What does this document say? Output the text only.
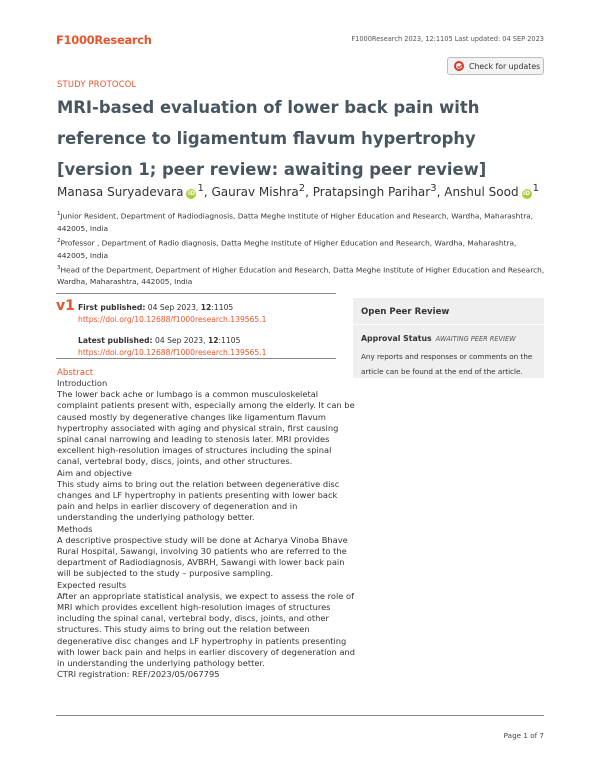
F1000Research	F1000Research 2023, 12:1105 Last updated: 04 SEP 2023
STUDY PROTOCOL
Check for updates
MRI-based evaluation of lower back pain with reference to ligamentum flavum hypertrophy [version 1; peer review: awaiting peer review]
Manasa Suryadevara iD $^1$, Gaurav Mishra$^2$, Pratapsingh Parihar$^3$, Anshul Sood iD $^1$
$^1$Junior Resident, Department of Radiodiagnosis, Datta Meghe Institute of Higher Education and Research, Wardha, Maharashtra, 442005, India
$^2$Professor , Department of Radio diagnosis, Datta Meghe Institute of Higher Education and Research, Wardha, Maharashtra, 442005, India
$^3$Head of the Department, Department of Higher Education and Research, Datta Meghe Institute of Higher Education and Research, Wardha, Maharashtra, 442005, India
v1 First published: 04 Sep 2023, 12:1105
https://doi.org/10.12688/f1000research.139565.1
Latest published: 04 Sep 2023, 12:1105
https://doi.org/10.12688/f1000research.139565.1
Open Peer Review
Approval Status AWAITING PEER REVIEW
Any reports and responses or comments on the article can be found at the end of the article.
Abstract

Introduction

The lower back ache or lumbago is a common musculoskeletal complaint patients present with, especially among the elderly. It can be caused mostly by degenerative changes like ligamentum flavum hypertrophy associated with aging and physical strain, first causing spinal canal narrowing and leading to stenosis later. MRI provides excellent high-resolution images of structures including the spinal canal, vertebral body, discs, joints, and other structures.

Aim and objective

This study aims to bring out the relation between degenerative disc changes and LF hypertrophy in patients presenting with lower back pain and helps in earlier discovery of degeneration and in understanding the underlying pathology better.

Methods

A descriptive prospective study will be done at Acharya Vinoba Bhave Rural Hospital, Sawangi, involving 30 patients who are referred to the department of Radiodiagnosis, AVBRH, Sawangi with lower back pain will be subjected to the study – purposive sampling.

Expected results

After an appropriate statistical analysis, we expect to assess the role of MRI which provides excellent high-resolution images of structures including the spinal canal, vertebral body, discs, joints, and other structures. This study aims to bring out the relation between degenerative disc changes and LF hypertrophy in patients presenting with lower back pain and helps in earlier discovery of degeneration and in understanding the underlying pathology better.

CTRI registration: REF/2023/05/067795

Page 1 of 7
